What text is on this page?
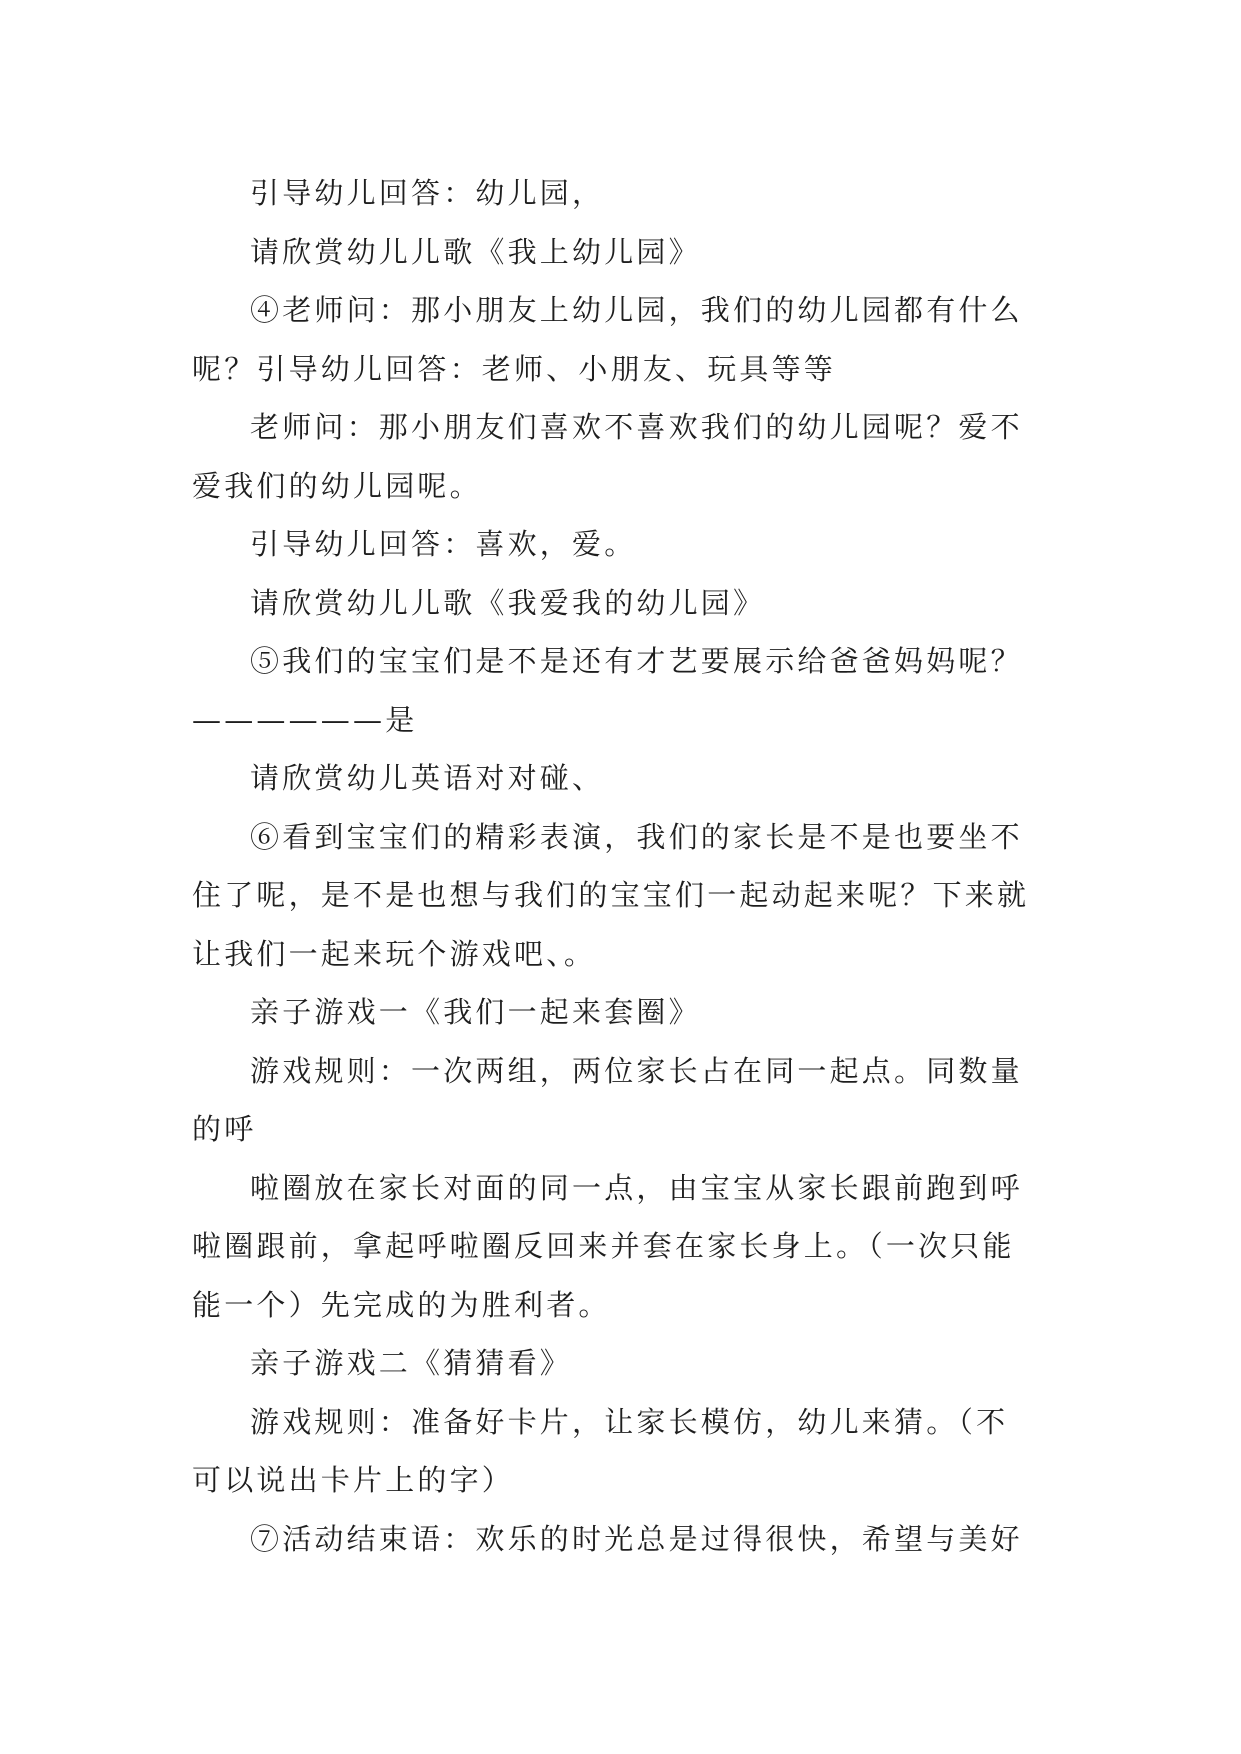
引导幼儿回答：幼儿园，

请欣赏幼儿儿歌《我上幼儿园》

④老师问：那小朋友上幼儿园，我们的幼儿园都有什么
呢？引导幼儿回答：老师、小朋友、玩具等等

老师问：那小朋友们喜欢不喜欢我们的幼儿园呢？爱不
爱我们的幼儿园呢。

引导幼儿回答：喜欢，爱。

请欣赏幼儿儿歌《我爱我的幼儿园》

⑤我们的宝宝们是不是还有才艺要展示给爸爸妈妈呢？
——————是

请欣赏幼儿英语对对碰、

⑥看到宝宝们的精彩表演，我们的家长是不是也要坐不
住了呢，是不是也想与我们的宝宝们一起动起来呢？下来就
让我们一起来玩个游戏吧、。

亲子游戏一《我们一起来套圈》

游戏规则：一次两组，两位家长占在同一起点。同数量
的呼

啦圈放在家长对面的同一点，由宝宝从家长跟前跑到呼
啦圈跟前，拿起呼啦圈反回来并套在家长身上。（一次只能
能一个）先完成的为胜利者。

亲子游戏二《猜猜看》

游戏规则：准备好卡片，让家长模仿，幼儿来猜。（不
可以说出卡片上的字）

⑦活动结束语：欢乐的时光总是过得很快，希望与美好
